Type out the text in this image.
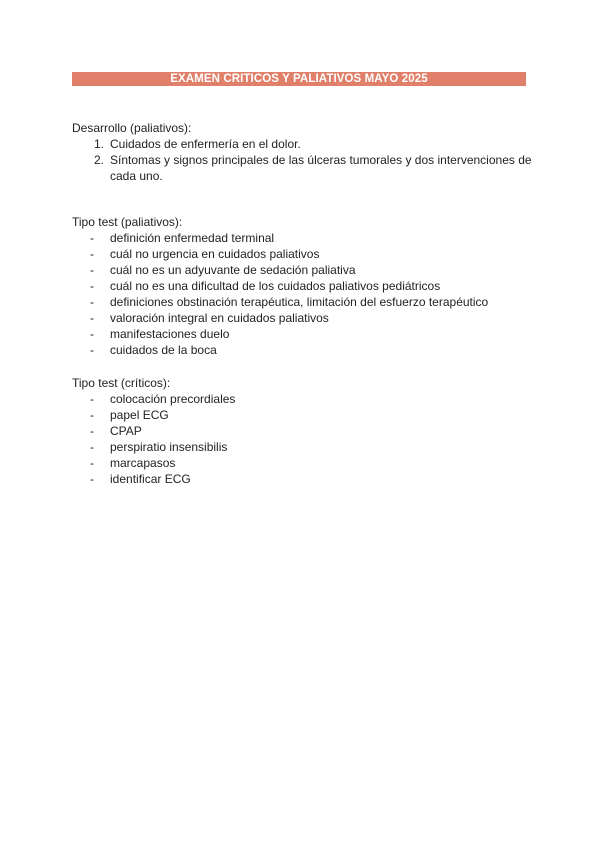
EXAMEN CRITICOS Y PALIATIVOS MAYO 2025

Desarrollo (paliativos):

1. Cuidados de enfermería en el dolor.
2. Síntomas y signos principales de las úlceras tumorales y dos intervenciones de cada uno.

Tipo test (paliativos):

- definición enfermedad terminal
- cuál no urgencia en cuidados paliativos
- cuál no es un adyuvante de sedación paliativa
- cuál no es una dificultad de los cuidados paliativos pediátricos
- definiciones obstinación terapéutica, limitación del esfuerzo terapéutico
- valoración integral en cuidados paliativos
- manifestaciones duelo
- cuidados de la boca

Tipo test (críticos):

- colocación precordiales
- papel ECG
- CPAP
- perspiratio insensibilis
- marcapasos
- identificar ECG
